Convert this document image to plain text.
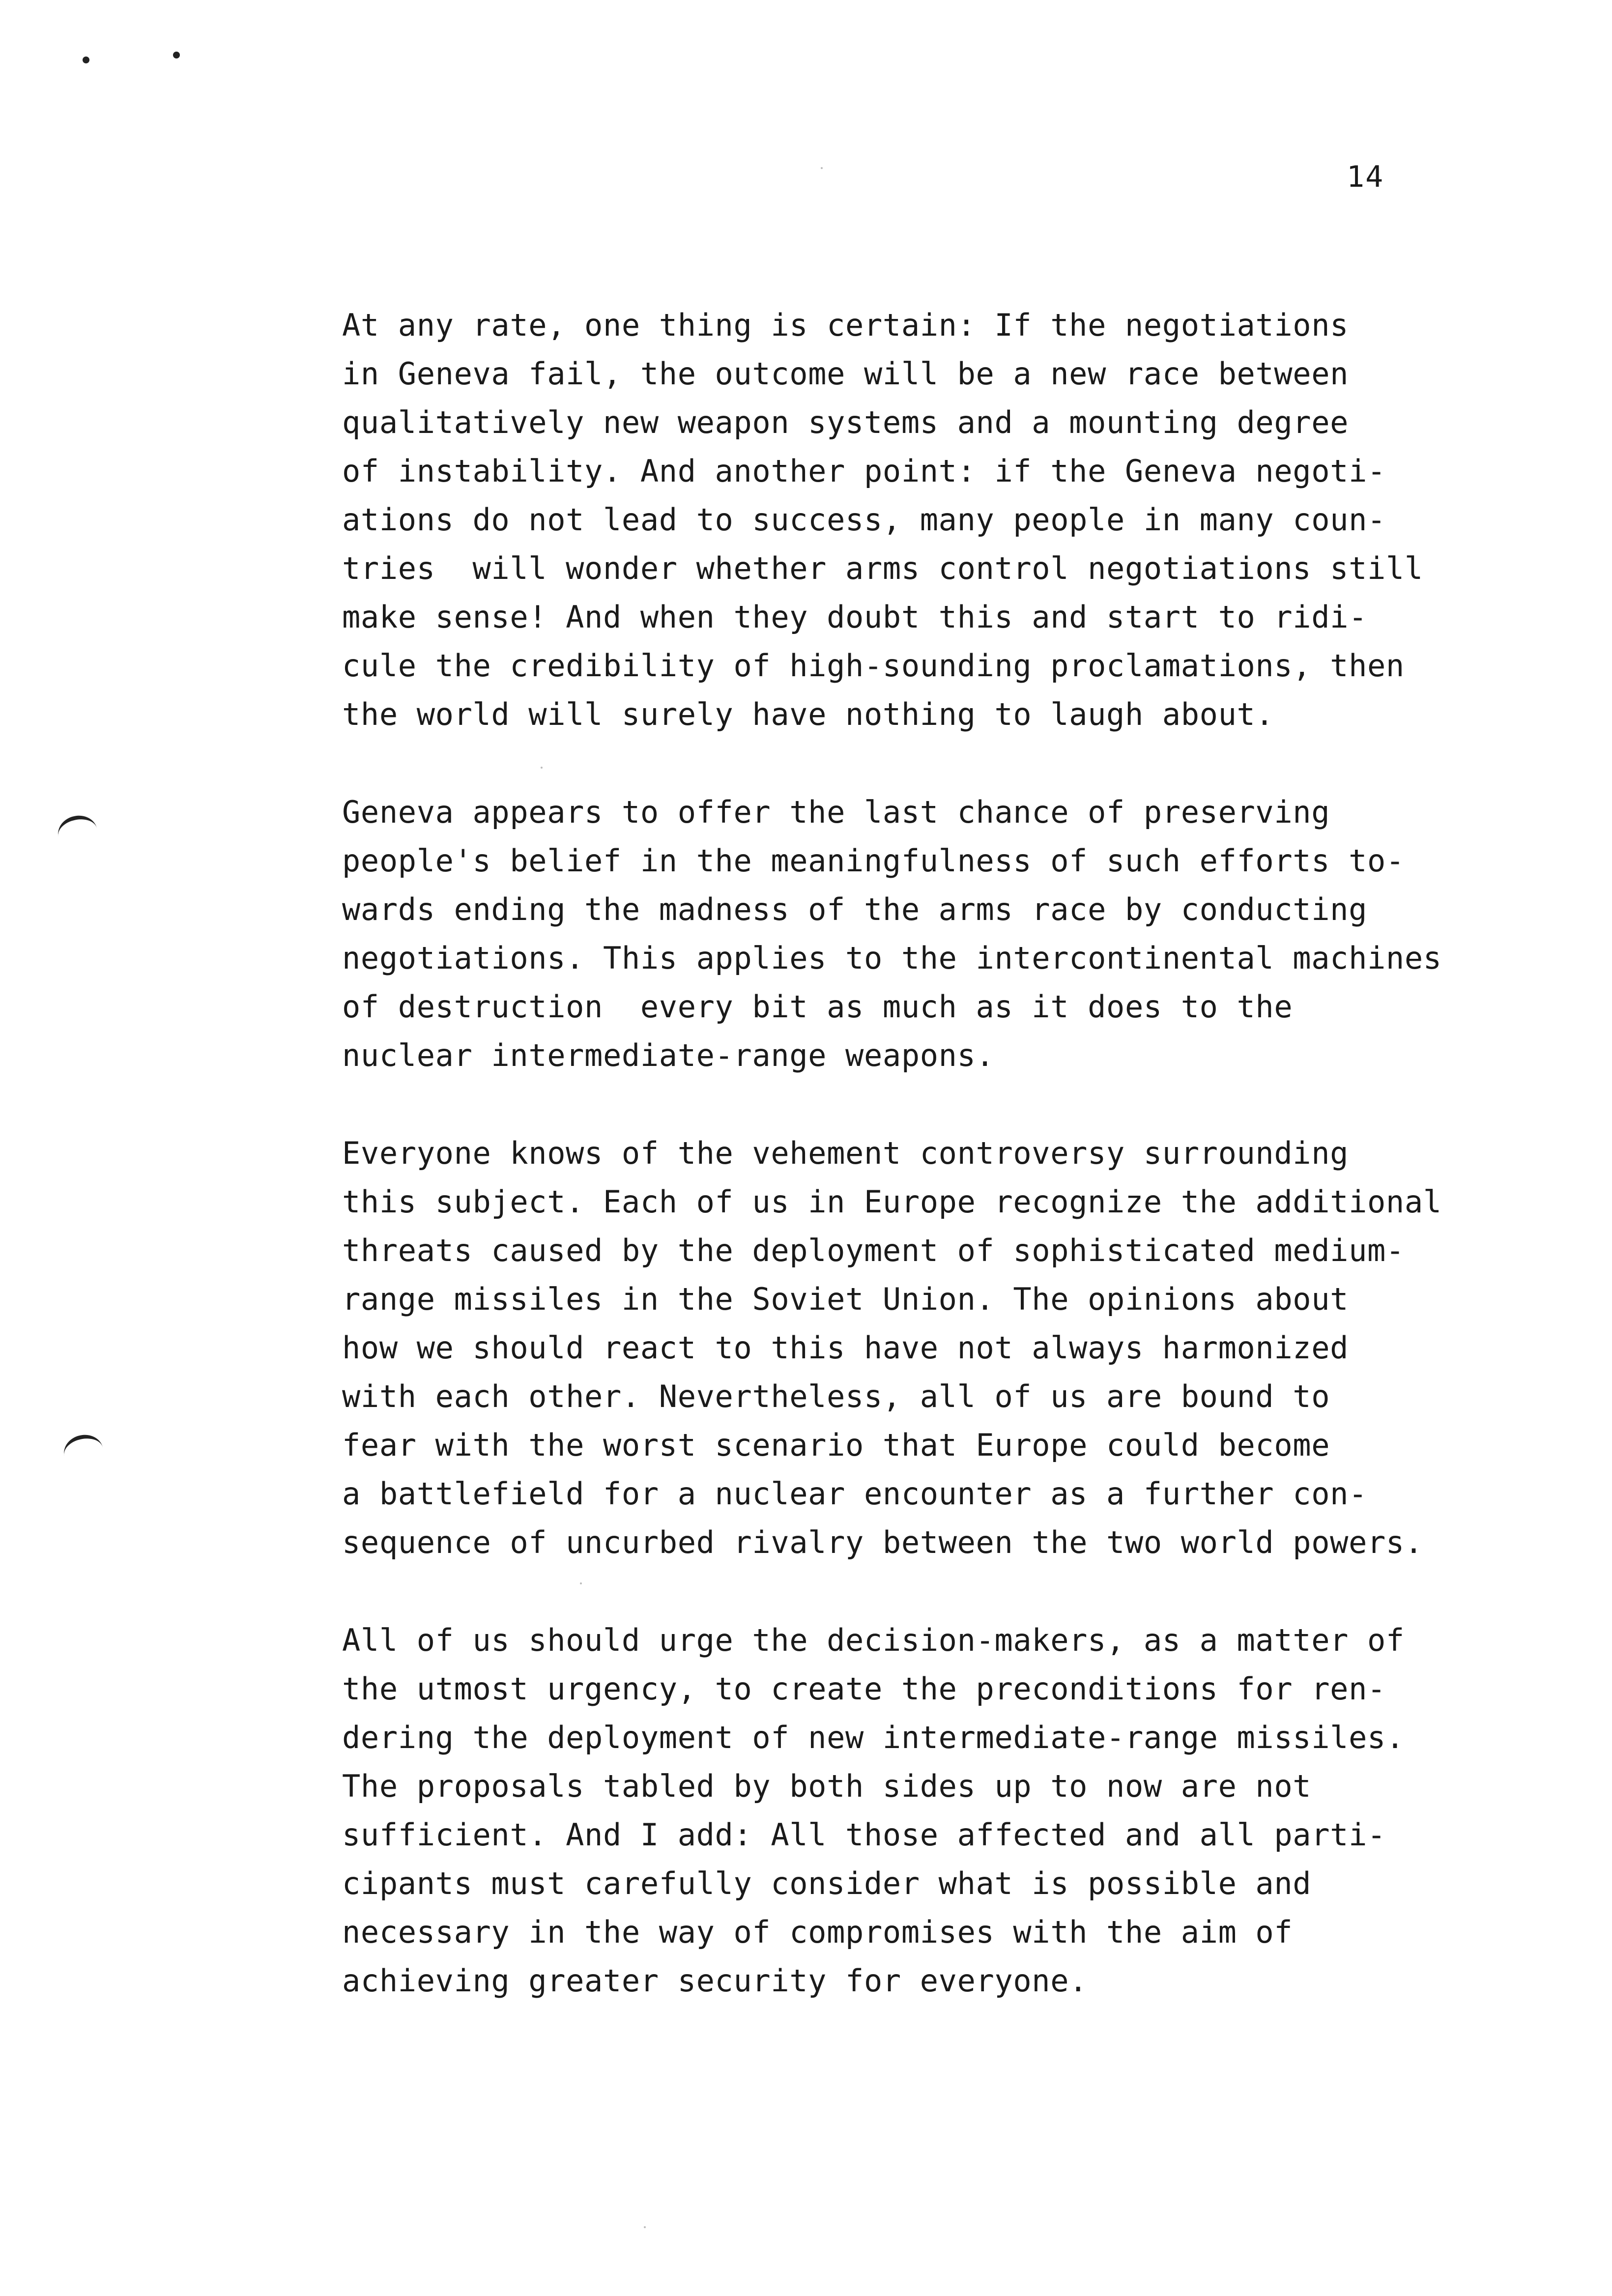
14

At any rate, one thing is certain: If the negotiations
in Geneva fail, the outcome will be a new race between
qualitatively new weapon systems and a mounting degree
of instability. And another point: if the Geneva negoti-
ations do not lead to success, many people in many coun-
tries  will wonder whether arms control negotiations still
make sense! And when they doubt this and start to ridi-
cule the credibility of high-sounding proclamations, then
the world will surely have nothing to laugh about.

Geneva appears to offer the last chance of preserving
people's belief in the meaningfulness of such efforts to-
wards ending the madness of the arms race by conducting
negotiations. This applies to the intercontinental machines
of destruction  every bit as much as it does to the
nuclear intermediate-range weapons.

Everyone knows of the vehement controversy surrounding
this subject. Each of us in Europe recognize the additional
threats caused by the deployment of sophisticated medium-
range missiles in the Soviet Union. The opinions about
how we should react to this have not always harmonized
with each other. Nevertheless, all of us are bound to
fear with the worst scenario that Europe could become
a battlefield for a nuclear encounter as a further con-
sequence of uncurbed rivalry between the two world powers.

All of us should urge the decision-makers, as a matter of
the utmost urgency, to create the preconditions for ren-
dering the deployment of new intermediate-range missiles.
The proposals tabled by both sides up to now are not
sufficient. And I add: All those affected and all parti-
cipants must carefully consider what is possible and
necessary in the way of compromises with the aim of
achieving greater security for everyone.
